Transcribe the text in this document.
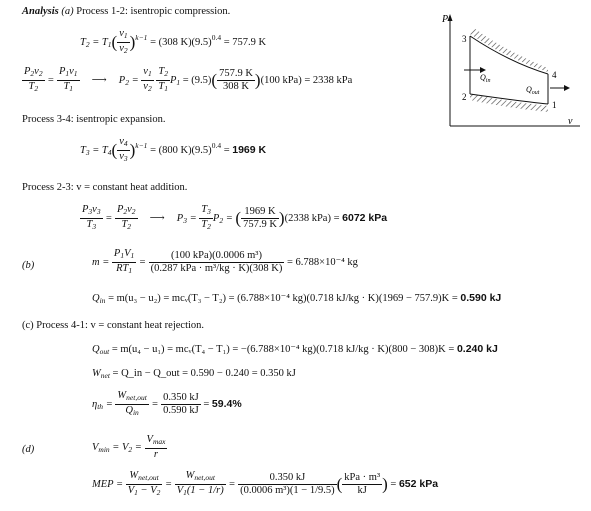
Analysis (a) Process 1-2: isentropic compression.
$T_2 = T_1( \frac{v_1}{v_2} )^{k-1} = (308$ $K)(9.5)^{0.4} = 757.9$ K
$\frac{P_2v_2}{T_2} = \frac{P_1v_1}{T_1}$ ⟶ $P_2 = \frac{v_1}{v_2}$
$\frac{T_2}{T_1} P_1 = (9.5)( \frac{757.9 K}{308 K} )(100$ kPa) = 2338 kPa
Process 3-4: isentropic expansion.
$T_3 = T_4( \frac{v_4}{v_3} )^{k-1} = (800$ $K)(9.5)^{0.4} = 1969$ K
Process 2-3: v = constant heat addition.
$\frac{P_3v_3}{T_3} = \frac{P_2v_2}{T_2}$ ⟶ $P_3 = \frac{T_3}{T_2} P_2$ = ( $\frac{1969 K}{757.9 K} )(2338$ kPa) = 6072 kPa
(b)	$m = \frac{P_1V_1}{RT_1} = \frac{\text{(100 kPa)(0.0006 m³)}}{\text{(0.287 kPa · m³/kg · K)(308 K)}} = 6.788\times 10^{-4}$ kg
$Q_{in} = m(u_3 - u_2)$ = mcᵥ(T₃ − T₂) = (6.788×10⁻⁴ kg)(0.718 kJ/kg · K)(1969 − 757.9)K = 0.590 kJ
(c) Process 4-1: v = constant heat rejection.
$Q_{out} = m(u_4 - u_1)$ = mcᵥ(T₄ − T₁) = −(6.788×10⁻⁴ kg)(0.718 kJ/kg · K)(800 − 308)K = 0.240 kJ
$W_{net}$ = Q_in − Q_out = 0.590 − 0.240 = 0.350 kJ
$\eta_{th} = \frac{W_{net,out}}{Q_{in}} = \frac{0.350 kJ}{0.590 kJ} = 59.4\%$
(d)	$V_{min} = V_2 = \frac{V_{max}}{r}$
MEP = $\frac{W_{net,out}}{V_1 - V_2} = \frac{W_{net,out}}{V_1(1 - 1/r)} = \frac{0.350 kJ}{\text{(0.0006 m³)(1 − 1/9.5)}}$ ( $\frac{\text{kPa · m³}}{kJ}$ ) = 652 kPa
P
v
3
2
4
1
$Q_{in}$
$Q_{out}$
